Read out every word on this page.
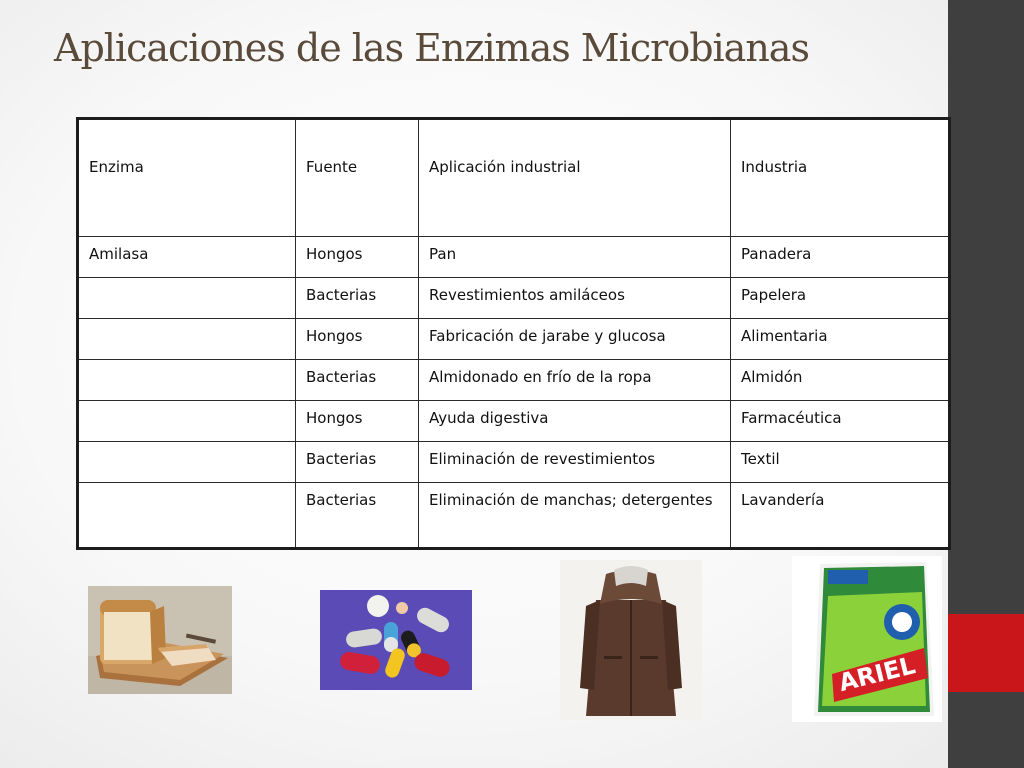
Aplicaciones de las Enzimas Microbianas
Enzima	Fuente	Aplicación industrial	Industria
Amilasa	Hongos	Pan	Panadera
	Bacterias	Revestimientos amiláceos	Papelera
	Hongos	Fabricación de jarabe y glucosa	Alimentaria
	Bacterias	Almidonado en frío de la ropa	Almidón
	Hongos	Ayuda digestiva	Farmacéutica
	Bacterias	Eliminación de revestimientos	Textil
	Bacterias	Eliminación de manchas; detergentes	Lavandería
ARIEL
